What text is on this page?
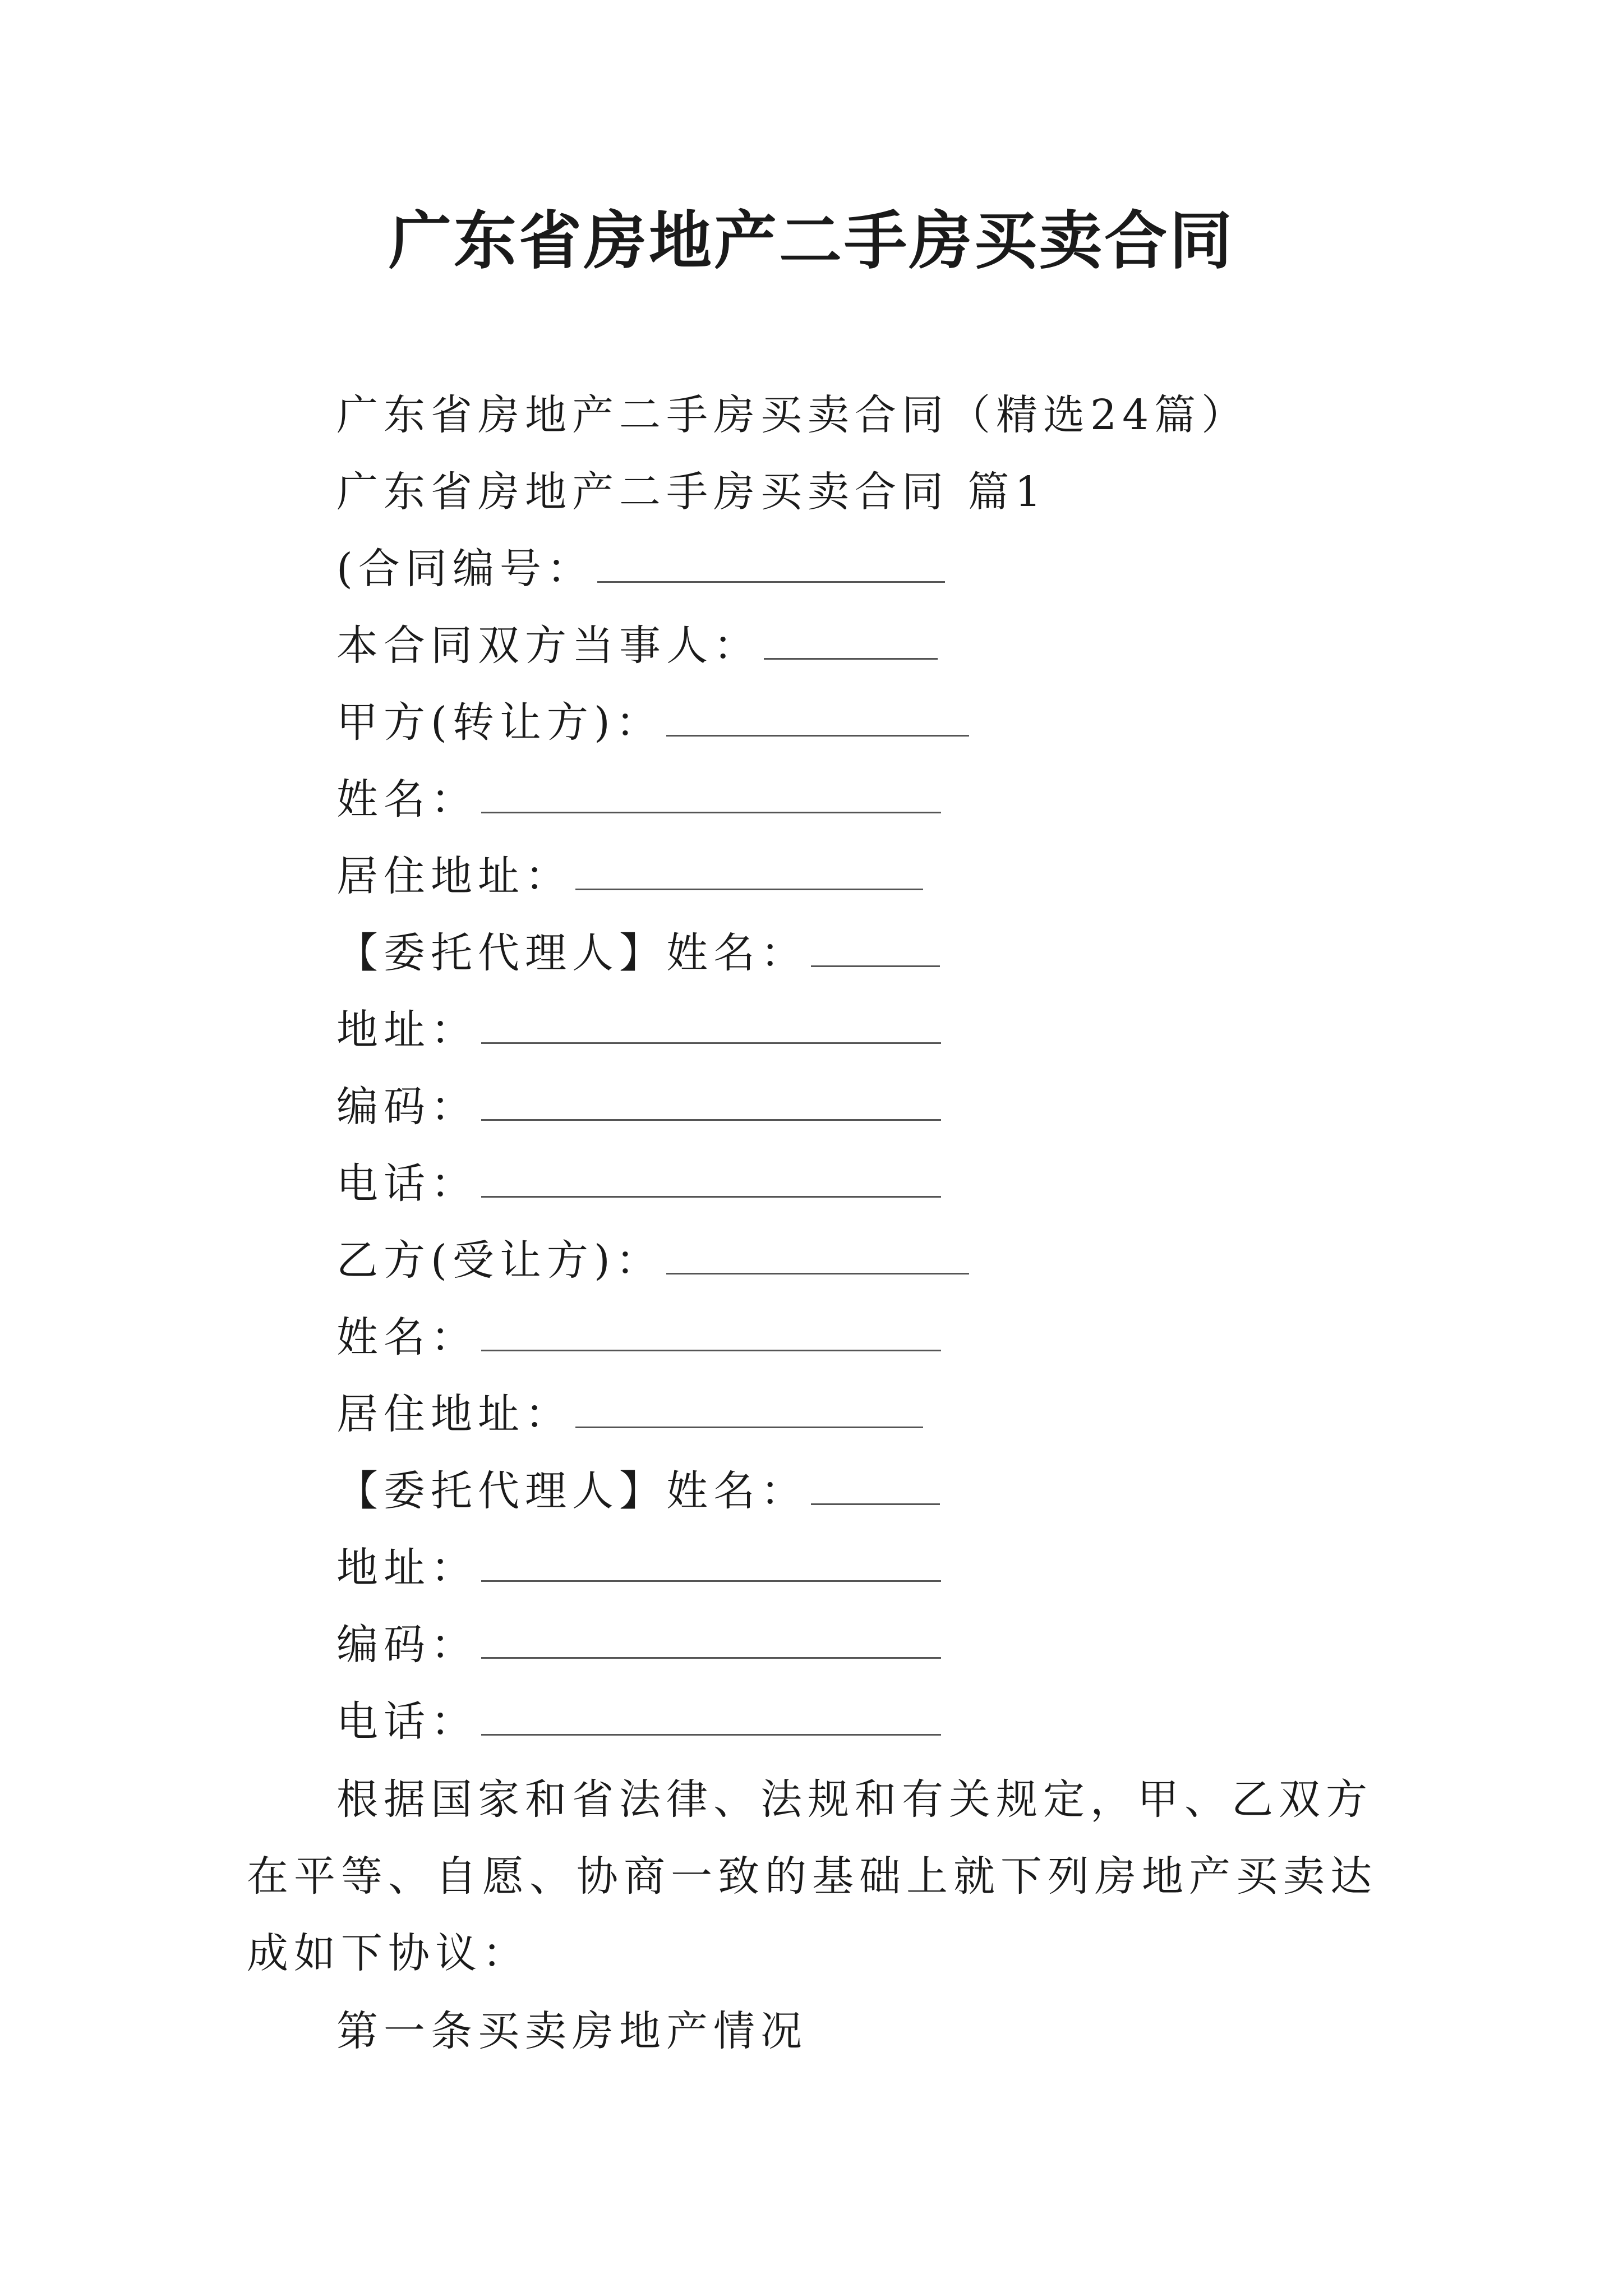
广东省房地产二手房买卖合同
广东省房地产二手房买卖合同（精选24篇）
广东省房地产二手房买卖合同 篇1
(合同编号：
本合同双方当事人：
甲方(转让方)：
姓名：
居住地址：
【委托代理人】姓名：
地址：
编码：
电话：
乙方(受让方)：
姓名：
居住地址：
【委托代理人】姓名：
地址：
编码：
电话：
根据国家和省法律、法规和有关规定，甲、乙双方在平等、自愿、协商一致的基础上就下列房地产买卖达成如下协议：
第一条买卖房地产情况
